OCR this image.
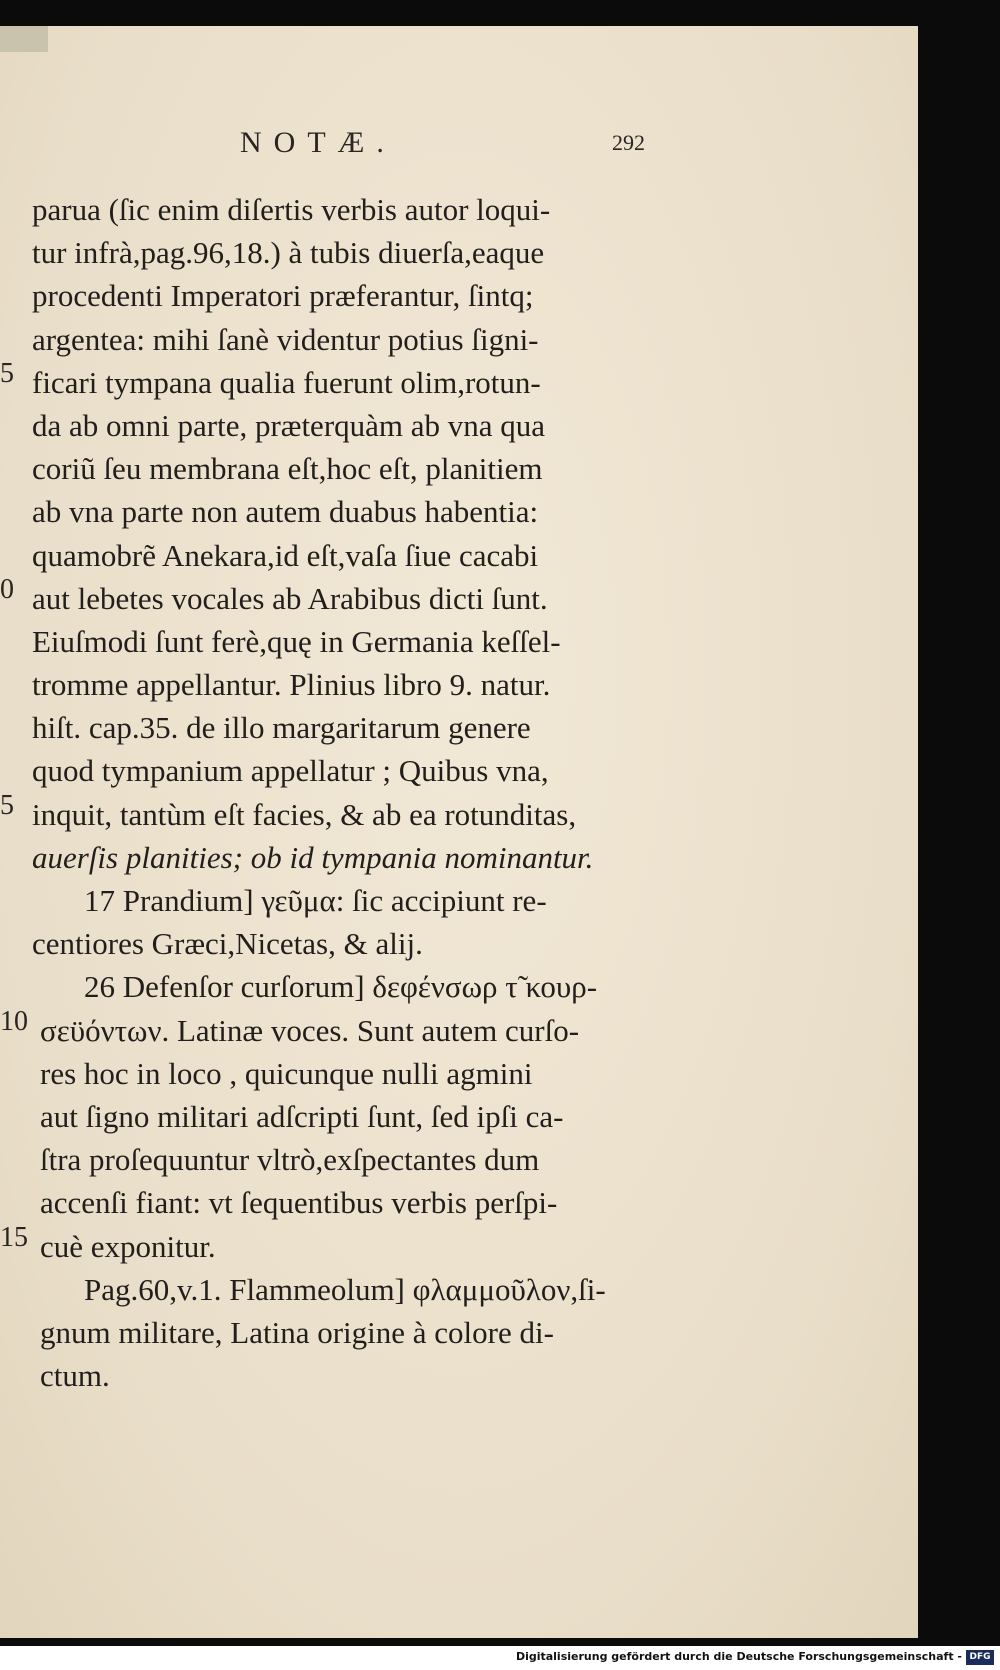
NOTÆ.	292
5
0
5
10
15
parua (ſic enim diſertis verbis autor loqui-
tur infrà,pag.96,18.) à tubis diuerſa,eaque
procedenti Imperatori præferantur, ſintq;
argentea: mihi ſanè videntur potius ſigni-
ficari tympana qualia fuerunt olim,rotun-
da ab omni parte, præterquàm ab vna qua
coriũ ſeu membrana eſt,hoc eſt, planitiem
ab vna parte non autem duabus habentia:
quamobrẽ Anekara,id eſt,vaſa ſiue cacabi
aut lebetes vocales ab Arabibus dicti ſunt.
Eiuſmodi ſunt ferè,quę in Germania keſſel-
tromme appellantur. Plinius libro 9. natur.
hiſt. cap.35. de illo margaritarum genere
quod tympanium appellatur ; Quibus vna,
inquit, tantùm eſt facies, & ab ea rotunditas,
auerſis planities; ob id tympania nominantur.
17 Prandium] γεῦμα: ſic accipiunt re-
centiores Græci,Nicetas, & alij.
26 Defenſor curſorum] δεφένσωρ τ̃ κουρ-
σεϋόντων. Latinæ voces. Sunt autem curſo-
res hoc in loco , quicunque nulli agmini
aut ſigno militari adſcripti ſunt, ſed ipſi ca-
ſtra proſequuntur vltrò,exſpectantes dum
accenſi fiant: vt ſequentibus verbis perſpi-
cuè exponitur.
Pag.60,v.1. Flammeolum] φλαμμοῦλον,ſi-
gnum militare, Latina origine à colore di-
ctum.
Digitalisierung gefördert durch die Deutsche Forschungsgemeinschaft - DFG
